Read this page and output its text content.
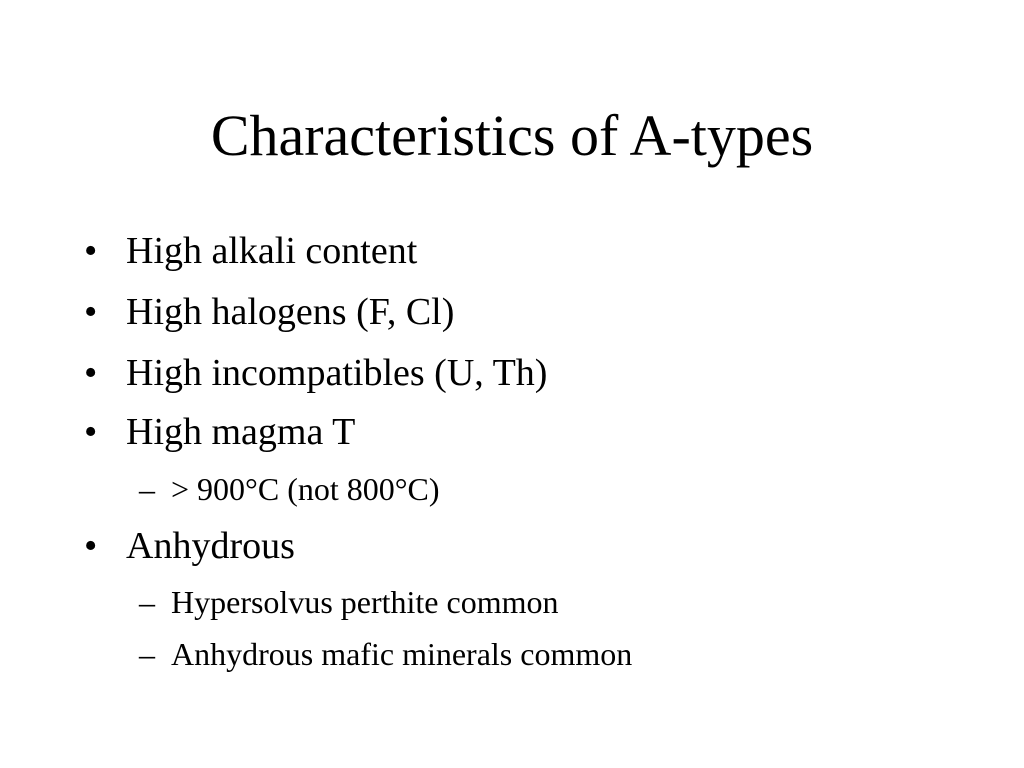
Characteristics of A-types
• High alkali content
• High halogens (F, Cl)
• High incompatibles (U, Th)
• High magma T
– > 900°C (not 800°C)
• Anhydrous
– Hypersolvus perthite common
– Anhydrous mafic minerals common
